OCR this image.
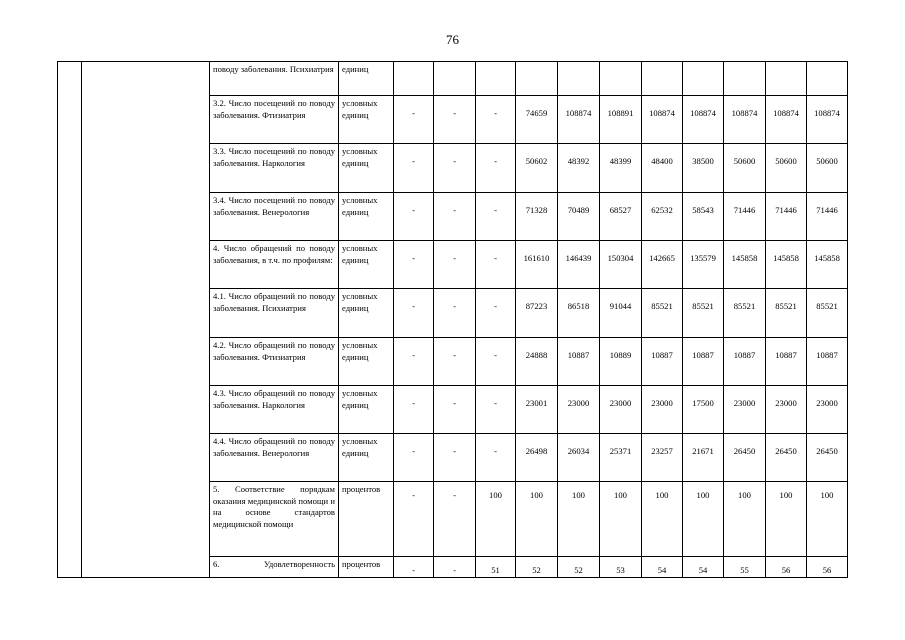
76

		поводу заболевания. Психиатрия	единиц											

		3.2. Число посещений по поводу заболевания. Фтизиатрия	условных единиц	-	-	-	74659	108874	108891	108874	108874	108874	108874	108874

		3.3. Число посещений по поводу заболевания. Наркология	условных единиц	-	-	-	50602	48392	48399	48400	38500	50600	50600	50600

		3.4. Число посещений по поводу заболевания. Венерология	условных единиц	-	-	-	71328	70489	68527	62532	58543	71446	71446	71446

		4. Число обращений по поводу заболевания, в т.ч. по профилям:	условных единиц	-	-	-	161610	146439	150304	142665	135579	145858	145858	145858

		4.1. Число обращений по поводу заболевания. Психиатрия	условных единиц	-	-	-	87223	86518	91044	85521	85521	85521	85521	85521

		4.2. Число обращений по поводу заболевания. Фтизиатрия	условных единиц	-	-	-	24888	10887	10889	10887	10887	10887	10887	10887

		4.3. Число обращений по поводу заболевания. Наркология	условных единиц	-	-	-	23001	23000	23000	23000	17500	23000	23000	23000

		4.4. Число обращений по поводу заболевания. Венерология	условных единиц	-	-	-	26498	26034	25371	23257	21671	26450	26450	26450

		5. Соответствие порядкам оказания медицинской помощи и на основе стандартов медицинской помощи	процентов	-	-	100	100	100	100	100	100	100	100	100

		6. Удовлетворенность	процентов	-	-	51	52	52	53	54	54	55	56	56
